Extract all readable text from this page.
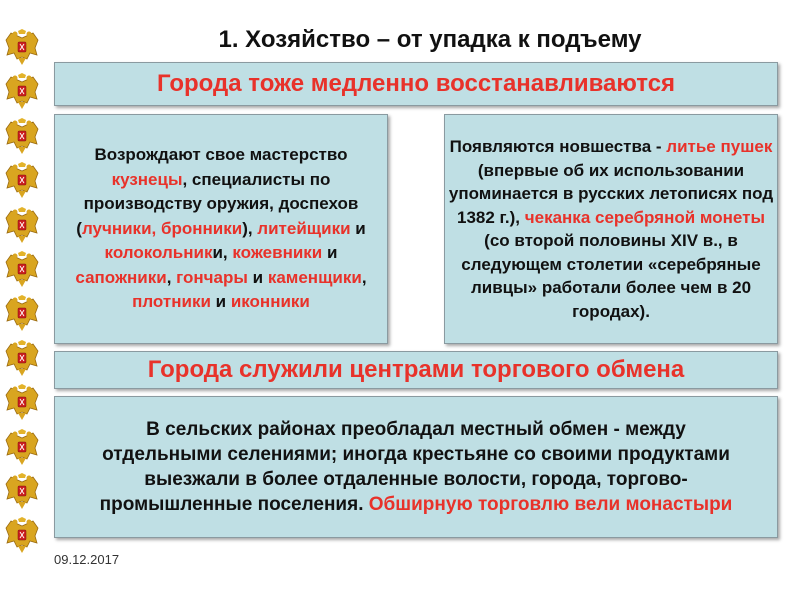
1. Хозяйство – от упадка к подъему
Города тоже медленно восстанавливаются
Возрождают свое мастерство
кузнецы, специалисты по производству оружия, доспехов (лучники, бронники), литейщики и колокольники, кожевники и сапожники, гончары и каменщики, плотники и иконники
Появляются новшества - литье пушек (впервые об их использовании упоминается в русских летописях под 1382 г.), чеканка серебряной монеты (со второй половины XIV в., в следующем столетии «серебряные ливцы» работали более чем в 20 городах).
Города служили центрами торгового обмена
В сельских районах преобладал местный обмен - между отдельными селениями; иногда крестьяне со своими продуктами выезжали в более отдаленные волости, города, торгово-промышленные поселения. Обширную торговлю вели монастыри
09.12.2017
